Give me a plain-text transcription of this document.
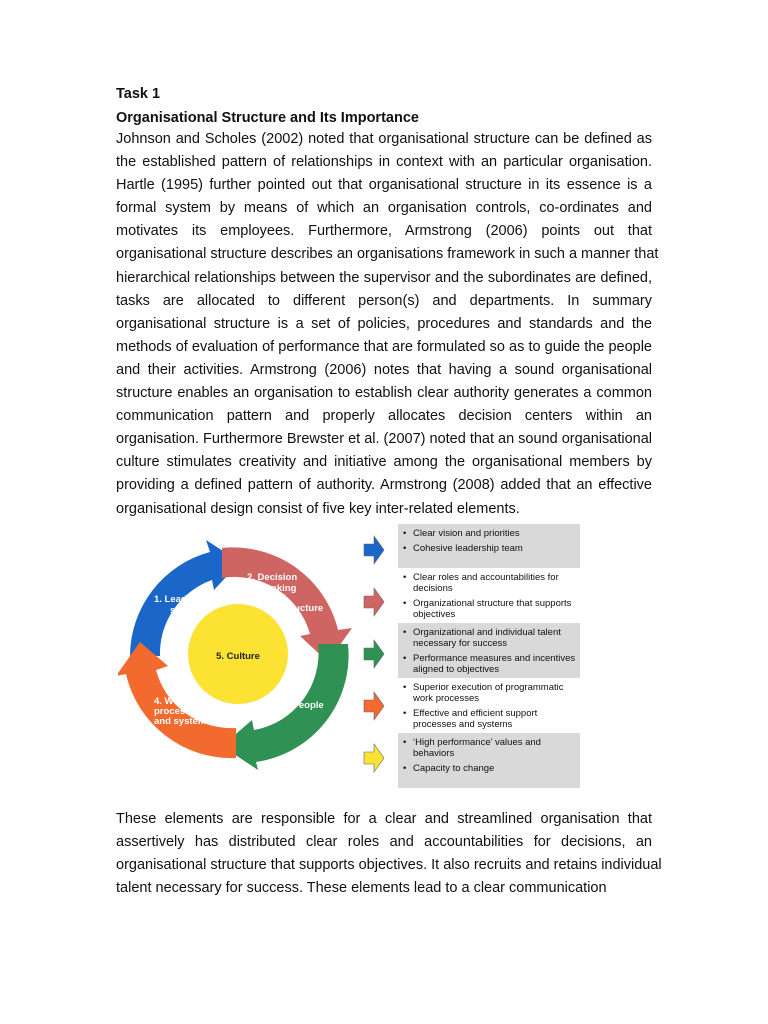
Task 1
Organisational Structure and Its Importance
Johnson and Scholes (2002) noted that organisational structure can be defined as
the established pattern of relationships in context with an particular organisation.
Hartle (1995) further pointed out that organisational structure in its essence is a
formal system by means of which an organisation controls, co-ordinates and
motivates its employees. Furthermore, Armstrong (2006) points out that
organisational structure describes an organisations framework in such a manner that
hierarchical relationships between the supervisor and the subordinates are defined,
tasks are allocated to different person(s) and departments. In summary
organisational structure is a set of policies, procedures and standards and the
methods of evaluation of performance that are formulated so as to guide the people
and their activities. Armstrong (2006) notes that having a sound organisational
structure enables an organisation to establish clear authority generates a common
communication pattern and properly allocates decision centers within an
organisation. Furthermore Brewster et al. (2007) noted that an sound organisational
culture stimulates creativity and initiative among the organisational members by
providing a defined pattern of authority. Armstrong (2008) added that an effective
organisational design consist of five key inter-related elements.
1. Leader-
ship
2. Decision
-making
and
structure
3. People
4. Work
processes
and systems
5. Culture
• Clear vision and priorities
• Cohesive leadership team
• Clear roles and accountabilities for decisions
• Organizational structure that supports objectives
• Organizational and individual talent necessary for success
• Performance measures and incentives aligned to objectives
• Superior execution of programmatic work processes
• Effective and efficient support processes and systems
• ‘High performance’ values and behaviors
• Capacity to change
These elements are responsible for a clear and streamlined organisation that
assertively has distributed clear roles and accountabilities for decisions, an
organisational structure that supports objectives. It also recruits and retains individual
talent necessary for success. These elements lead to a clear communication
